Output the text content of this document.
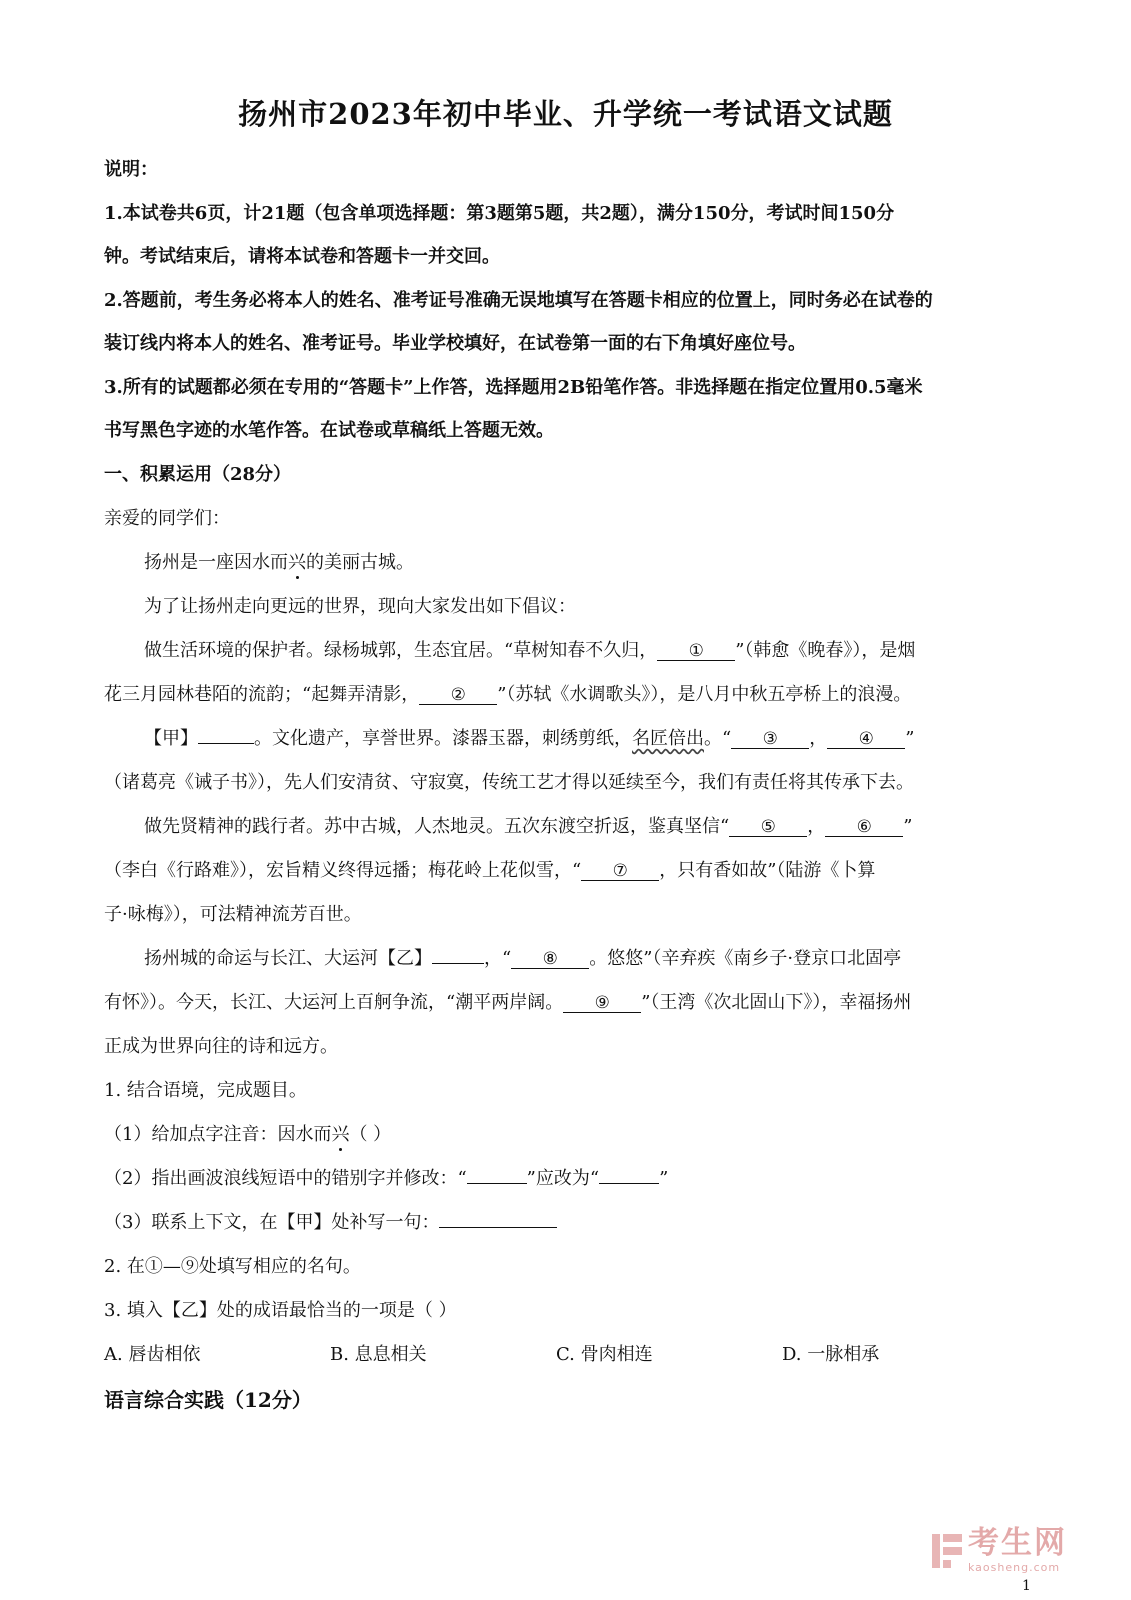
扬州市2023年初中毕业、升学统一考试语文试题
说明：
1.本试卷共6页，计21题（包含单项选择题：第3题第5题，共2题），满分150分，考试时间150分
钟。考试结束后，请将本试卷和答题卡一并交回。
2.答题前，考生务必将本人的姓名、准考证号准确无误地填写在答题卡相应的位置上，同时务必在试卷的
装订线内将本人的姓名、准考证号。毕业学校填好，在试卷第一面的右下角填好座位号。
3.所有的试题都必须在专用的“答题卡”上作答，选择题用2B铅笔作答。非选择题在指定位置用0.5毫米
书写黑色字迹的水笔作答。在试卷或草稿纸上答题无效。
一、积累运用（28分）
亲爱的同学们：
扬州是一座因水而兴的美丽古城。
为了让扬州走向更远的世界，现向大家发出如下倡议：
做生活环境的保护者。绿杨城郭，生态宜居。“草树知春不久归， ① ”（韩愈《晚春》），是烟
花三月园林巷陌的流韵；“起舞弄清影， ② ”（苏轼《水调歌头》），是八月中秋五亭桥上的浪漫。
【甲】	。文化遗产，享誉世界。漆器玉器，刺绣剪纸，名匠倍出。“ ③ ， ④ ”
（诸葛亮《诫子书》），先人们安清贫、守寂寞，传统工艺才得以延续至今，我们有责任将其传承下去。
做先贤精神的践行者。苏中古城，人杰地灵。五次东渡空折返，鉴真坚信“ ⑤ ， ⑥ ”
（李白《行路难》），宏旨精义终得远播；梅花岭上花似雪，“ ⑦ ，只有香如故”（陆游《卜算
子·咏梅》），可法精神流芳百世。
扬州城的命运与长江、大运河【乙】	，“ ⑧ 。悠悠”（辛弃疾《南乡子·登京口北固亭
有怀》）。今天，长江、大运河上百舸争流，“潮平两岸阔。 ⑨ ”（王湾《次北固山下》），幸福扬州
正成为世界向往的诗和远方。
1. 结合语境，完成题目。
（1）给加点字注音：因水而兴（ ）
（2）指出画波浪线短语中的错别字并修改：“	”应改为“	”
（3）联系上下文，在【甲】处补写一句：
2. 在①—⑨处填写相应的名句。
3. 填入【乙】处的成语最恰当的一项是（ ）
A. 唇齿相依	B. 息息相关	C. 骨肉相连	D. 一脉相承
语言综合实践（12分）
考生网
kaosheng.com
1
